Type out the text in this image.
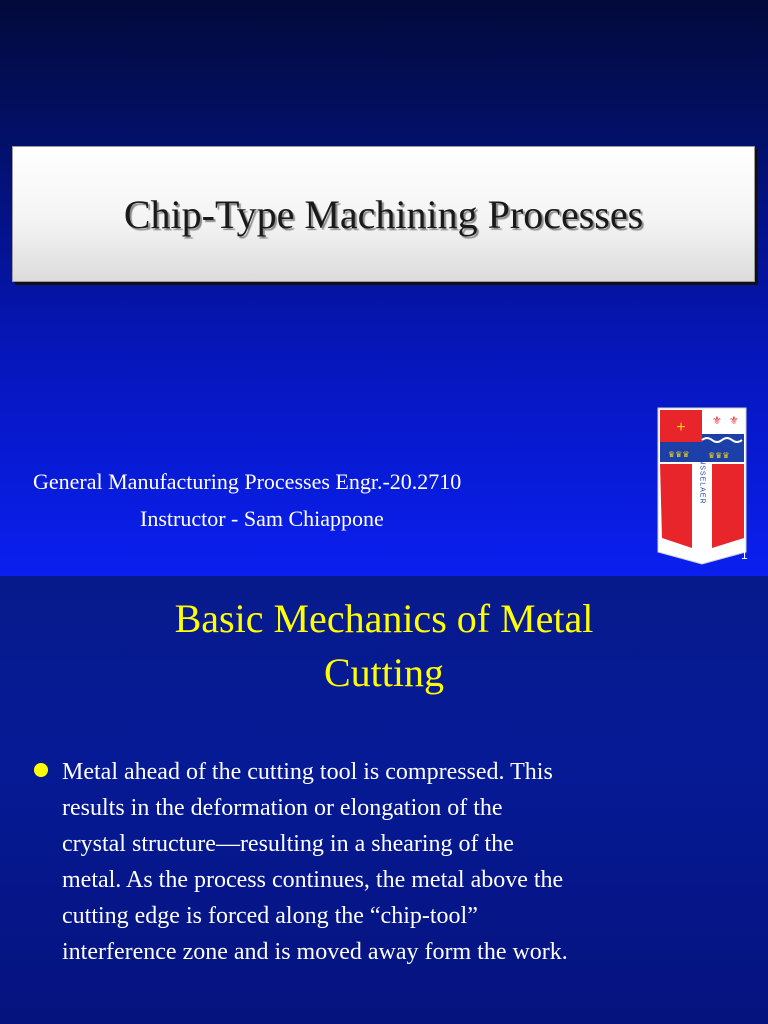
Chip-Type Machining Processes
General Manufacturing Processes Engr.-20.2710
Instructor - Sam Chiappone
+ ⚜ ⚜
♛♛♛ ♛♛♛
RENSSELAER
1
Basic Mechanics of Metal
Cutting
Metal ahead of the cutting tool is compressed. This
results in the deformation or elongation of the
crystal structure—resulting in a shearing of the
metal. As the process continues, the metal above the
cutting edge is forced along the “chip-tool”
interference zone and is moved away form the work.
